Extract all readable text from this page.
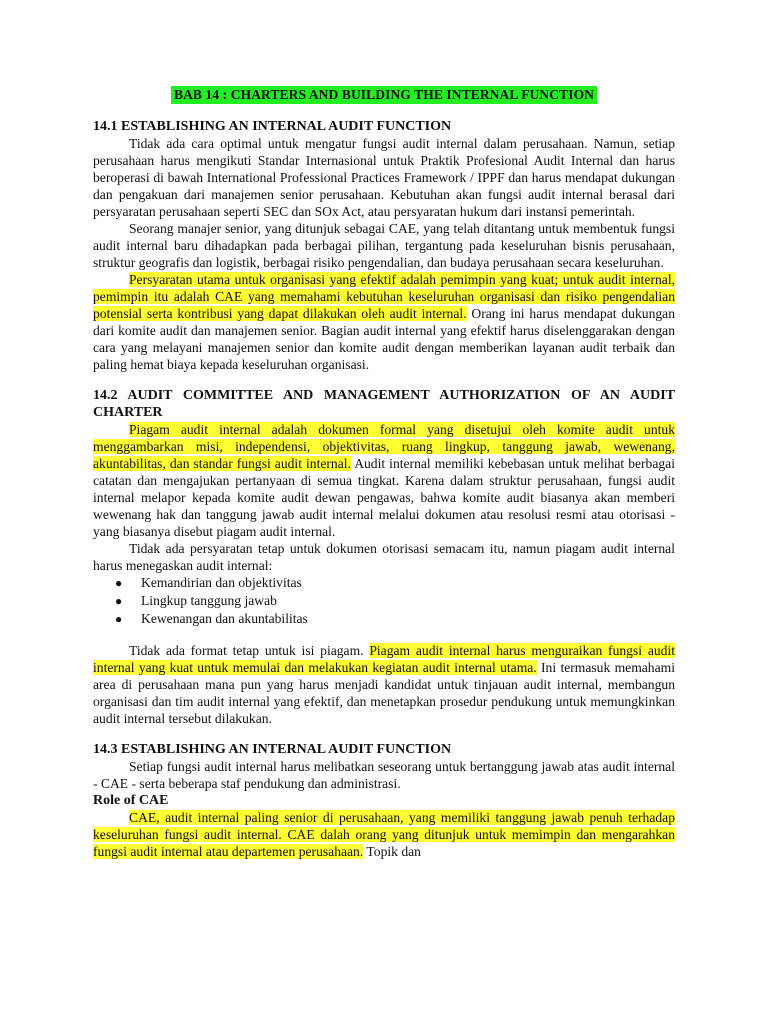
BAB 14 : CHARTERS AND BUILDING THE INTERNAL FUNCTION
14.1 ESTABLISHING AN INTERNAL AUDIT FUNCTION

Tidak ada cara optimal untuk mengatur fungsi audit internal dalam perusahaan. Namun, setiap perusahaan harus mengikuti Standar Internasional untuk Praktik Profesional Audit Internal dan harus beroperasi di bawah International Professional Practices Framework / IPPF dan harus mendapat dukungan dan pengakuan dari manajemen senior perusahaan. Kebutuhan akan fungsi audit internal berasal dari persyaratan perusahaan seperti SEC dan SOx Act, atau persyaratan hukum dari instansi pemerintah.

Seorang manajer senior, yang ditunjuk sebagai CAE, yang telah ditantang untuk membentuk fungsi audit internal baru dihadapkan pada berbagai pilihan, tergantung pada keseluruhan bisnis perusahaan, struktur geografis dan logistik, berbagai risiko pengendalian, dan budaya perusahaan secara keseluruhan.

Persyaratan utama untuk organisasi yang efektif adalah pemimpin yang kuat; untuk audit internal, pemimpin itu adalah CAE yang memahami kebutuhan keseluruhan organisasi dan risiko pengendalian potensial serta kontribusi yang dapat dilakukan oleh audit internal. Orang ini harus mendapat dukungan dari komite audit dan manajemen senior. Bagian audit internal yang efektif harus diselenggarakan dengan cara yang melayani manajemen senior dan komite audit dengan memberikan layanan audit terbaik dan paling hemat biaya kepada keseluruhan organisasi.

14.2 AUDIT COMMITTEE AND MANAGEMENT AUTHORIZATION OF AN AUDIT CHARTER

Piagam audit internal adalah dokumen formal yang disetujui oleh komite audit untuk menggambarkan misi, independensi, objektivitas, ruang lingkup, tanggung jawab, wewenang, akuntabilitas, dan standar fungsi audit internal. Audit internal memiliki kebebasan untuk melihat berbagai catatan dan mengajukan pertanyaan di semua tingkat. Karena dalam struktur perusahaan, fungsi audit internal melapor kepada komite audit dewan pengawas, bahwa komite audit biasanya akan memberi wewenang hak dan tanggung jawab audit internal melalui dokumen atau resolusi resmi atau otorisasi - yang biasanya disebut piagam audit internal.

Tidak ada persyaratan tetap untuk dokumen otorisasi semacam itu, namun piagam audit internal harus menegaskan audit internal:

● Kemandirian dan objektivitas
● Lingkup tanggung jawab
● Kewenangan dan akuntabilitas

Tidak ada format tetap untuk isi piagam. Piagam audit internal harus menguraikan fungsi audit internal yang kuat untuk memulai dan melakukan kegiatan audit internal utama. Ini termasuk memahami area di perusahaan mana pun yang harus menjadi kandidat untuk tinjauan audit internal, membangun organisasi dan tim audit internal yang efektif, dan menetapkan prosedur pendukung untuk memungkinkan audit internal tersebut dilakukan.

14.3 ESTABLISHING AN INTERNAL AUDIT FUNCTION

Setiap fungsi audit internal harus melibatkan seseorang untuk bertanggung jawab atas audit internal - CAE - serta beberapa staf pendukung dan administrasi.

Role of CAE

CAE, audit internal paling senior di perusahaan, yang memiliki tanggung jawab penuh terhadap keseluruhan fungsi audit internal. CAE dalah orang yang ditunjuk untuk memimpin dan mengarahkan fungsi audit internal atau departemen perusahaan. Topik dan
